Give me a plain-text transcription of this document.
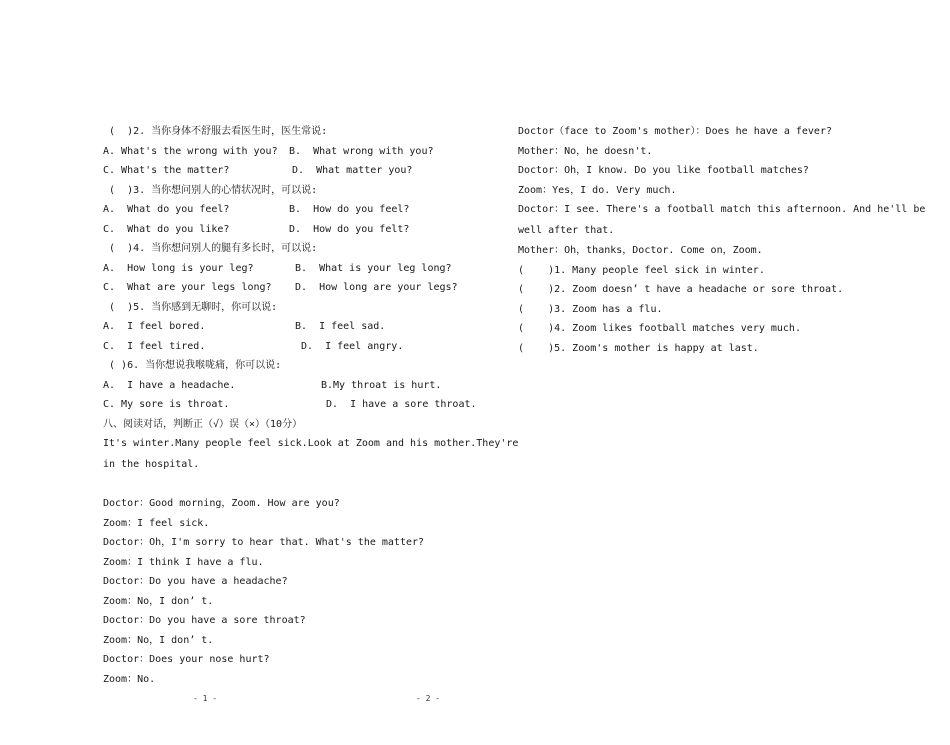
(  )2. 当你身体不舒服去看医生时，医生常说:
A. What's the wrong with you?	B.  What wrong with you?
C. What's the matter?	D.  What matter you?
(  )3. 当你想问别人的心情状况时，可以说:
A.  What do you feel?	B.  How do you feel?
C.  What do you like?	D.  How do you felt?
(  )4. 当你想问别人的腿有多长时，可以说:
A.  How long is your leg?	B.  What is your leg long?
C.  What are your legs long?	D.  How long are your legs?
(  )5. 当你感到无聊时，你可以说:
A.  I feel bored.	B.  I feel sad.
C.  I feel tired.	D.  I feel angry.
( )6. 当你想说我喉咙痛，你可以说:
A.  I have a headache.	B.My throat is hurt.
C. My sore is throat.	D.  I have a sore throat.
八、阅读对话，判断正（√）误（×）（10分）
It's winter.Many people feel sick.Look at Zoom and his mother.They're
in the hospital.
Doctor：Good morning，Zoom. How are you?
Zoom：I feel sick.
Doctor：Oh，I'm sorry to hear that. What's the matter?
Zoom：I think I have a flu.
Doctor：Do you have a headache?
Zoom：No，I don’ t.
Doctor：Do you have a sore throat?
Zoom：No，I don’ t.
Doctor：Does your nose hurt?
Zoom：No.
Doctor（face to Zoom's mother）：Does he have a fever?
Mother：No，he doesn't.
Doctor：Oh，I know. Do you like football matches?
Zoom：Yes，I do. Very much.
Doctor：I see. There's a football match this afternoon. And he'll be
well after that.
Mother：Oh，thanks，Doctor. Come on，Zoom.
(    )1. Many people feel sick in winter.
(    )2. Zoom doesn’ t have a headache or sore throat.
(    )3. Zoom has a flu.
(    )4. Zoom likes football matches very much.
(    )5. Zoom's mother is happy at last.
- 1 -	- 2 -
